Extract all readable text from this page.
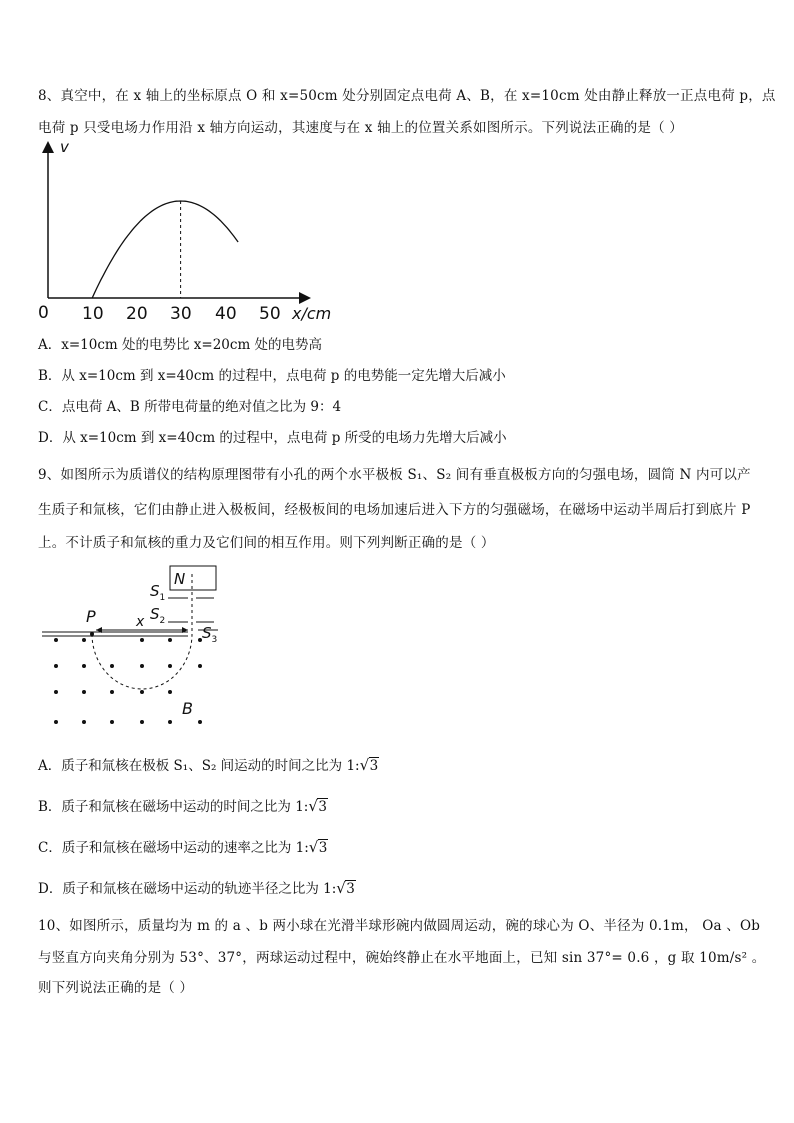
8、真空中，在 x 轴上的坐标原点 O 和 x=50cm 处分别固定点电荷 A、B，在 x=10cm 处由静止释放一正点电荷 p，点
电荷 p 只受电场力作用沿 x 轴方向运动，其速度与在 x 轴上的位置关系如图所示。下列说法正确的是（ ）
v
0 10 20 30 40 50 x/cm
A．x=10cm 处的电势比 x=20cm 处的电势高
B．从 x=10cm 到 x=40cm 的过程中，点电荷 p 的电势能一定先增大后减小
C．点电荷 A、B 所带电荷量的绝对值之比为 9：4
D．从 x=10cm 到 x=40cm 的过程中，点电荷 p 所受的电场力先增大后减小
9、如图所示为质谱仪的结构原理图带有小孔的两个水平极板 S₁、S₂ 间有垂直极板方向的匀强电场，圆筒 N 内可以产
生质子和氚核，它们由静止进入极板间，经极板间的电场加速后进入下方的匀强磁场，在磁场中运动半周后打到底片 P
上。不计质子和氚核的重力及它们间的相互作用。则下列判断正确的是（ ）
N
$S_1$
$S_2$
$S_3$
x
P
B
A．质子和氚核在极板 S₁、S₂ 间运动的时间之比为 1: √ 3
B．质子和氚核在磁场中运动的时间之比为 1: √ 3
C．质子和氚核在磁场中运动的速率之比为 1: √ 3
D．质子和氚核在磁场中运动的轨迹半径之比为 1: √ 3
10、如图所示，质量均为 m 的 a 、b 两小球在光滑半球形碗内做圆周运动，碗的球心为 O、半径为 0.1m， Oa 、Ob
与竖直方向夹角分别为 53°、37°，两球运动过程中，碗始终静止在水平地面上，已知 sin 37°= 0.6 ，g 取 10m/s² 。
则下列说法正确的是（ ）
